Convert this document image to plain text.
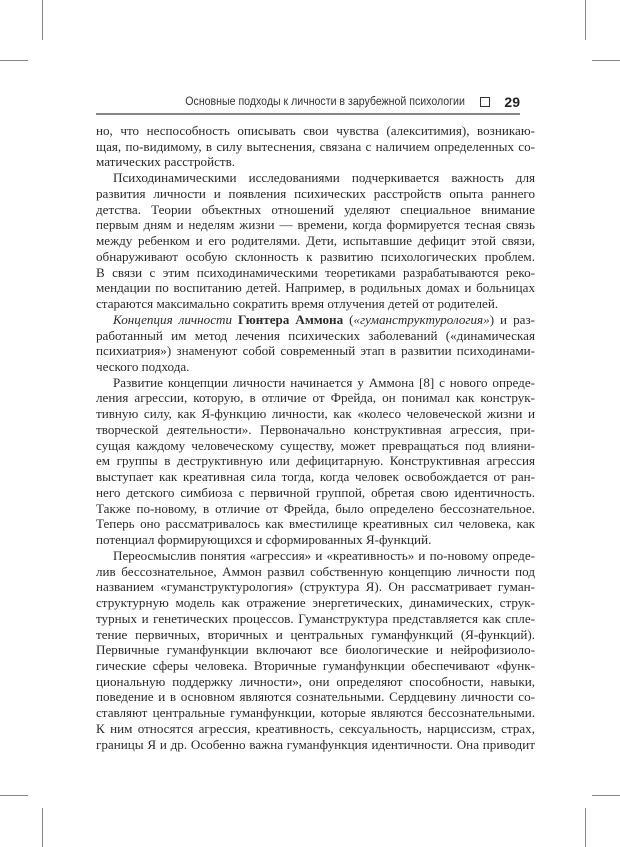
Основные подходы к личности в зарубежной психологии	29
но, что неспособность описывать свои чувства (алекситимия), возникаю-
щая, по-видимому, в силу вытеснения, связана с наличием определенных со-
матических расстройств.
Психодинамическими исследованиями подчеркивается важность для
развития личности и появления психических расстройств опыта раннего
детства. Теории объектных отношений уделяют специальное внимание
первым дням и неделям жизни — времени, когда формируется тесная связь
между ребенком и его родителями. Дети, испытавшие дефицит этой связи,
обнаруживают особую склонность к развитию психологических проблем.
В связи с этим психодинамическими теоретиками разрабатываются реко-
мендации по воспитанию детей. Например, в родильных домах и больницах
стараются максимально сократить время отлучения детей от родителей.
Концепция личности Гюнтера Аммона («гуманструктурология») и раз-
работанный им метод лечения психических заболеваний («динамическая
психиатрия») знаменуют собой современный этап в развитии психодинами-
ческого подхода.
Развитие концепции личности начинается у Аммона [8] с нового опреде-
ления агрессии, которую, в отличие от Фрейда, он понимал как конструк-
тивную силу, как Я-функцию личности, как «колесо человеческой жизни и
творческой деятельности». Первоначально конструктивная агрессия, при-
сущая каждому человеческому существу, может превращаться под влияни-
ем группы в деструктивную или дефицитарную. Конструктивная агрессия
выступает как креативная сила тогда, когда человек освобождается от ран-
него детского симбиоза с первичной группой, обретая свою идентичность.
Также по-новому, в отличие от Фрейда, было определено бессознательное.
Теперь оно рассматривалось как вместилище креативных сил человека, как
потенциал формирующихся и сформированных Я-функций.
Переосмыслив понятия «агрессия» и «креативность» и по-новому опреде-
лив бессознательное, Аммон развил собственную концепцию личности под
названием «гуманструктурология» (структура Я). Он рассматривает гуман-
структурную модель как отражение энергетических, динамических, струк-
турных и генетических процессов. Гуманструктура представляется как спле-
тение первичных, вторичных и центральных гуманфункций (Я-функций).
Первичные гуманфункции включают все биологические и нейрофизиоло-
гические сферы человека. Вторичные гуманфункции обеспечивают «функ-
циональную поддержку личности», они определяют способности, навыки,
поведение и в основном являются сознательными. Сердцевину личности со-
ставляют центральные гуманфункции, которые являются бессознательными.
К ним относятся агрессия, креативность, сексуальность, нарциссизм, страх,
границы Я и др. Особенно важна гуманфункция идентичности. Она приводит
